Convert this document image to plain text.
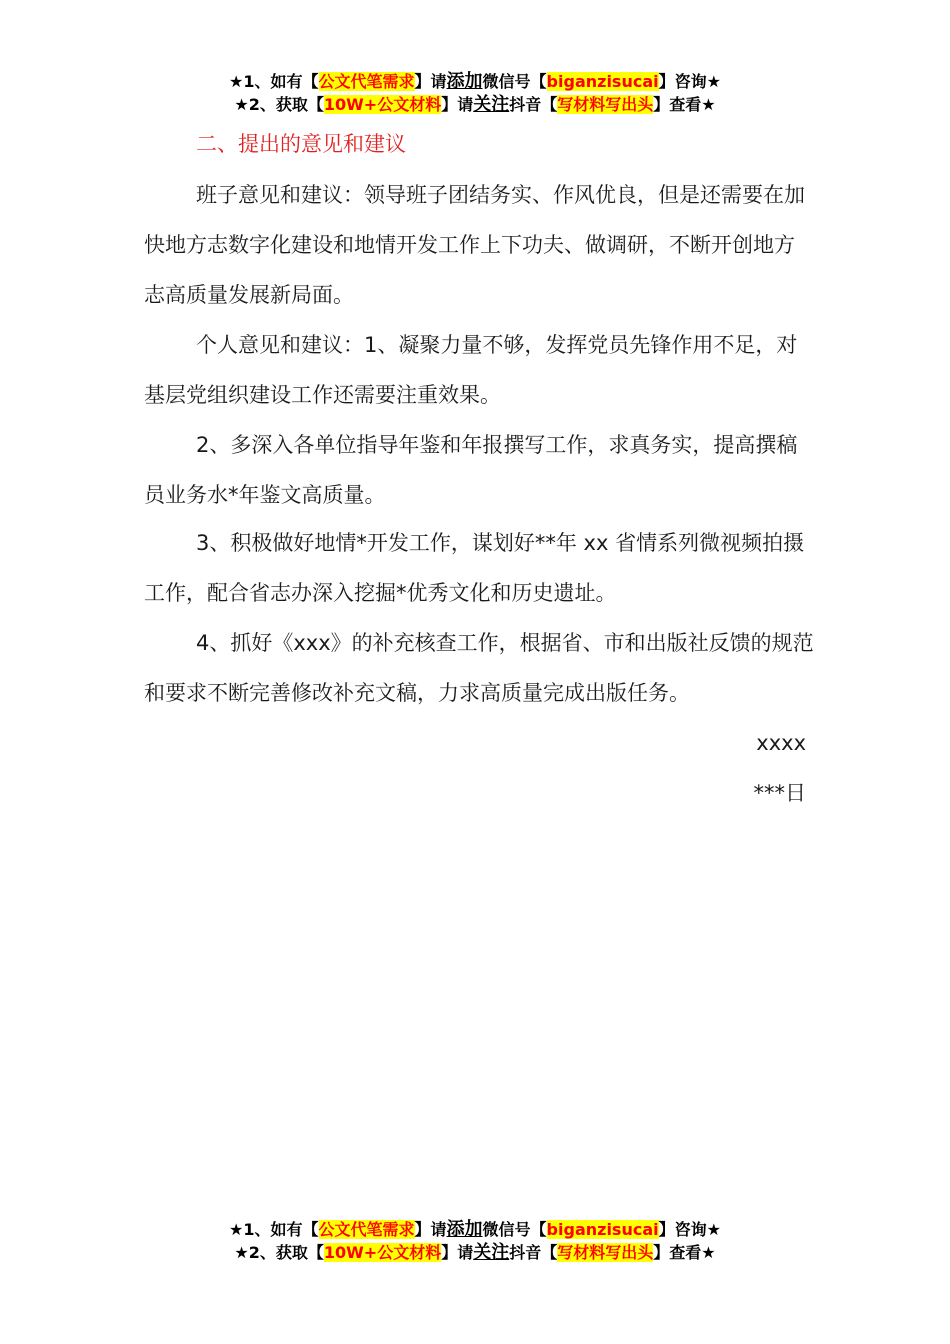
★1、如有【公文代笔需求】请添加微信号【biganzisucai】咨询★
★2、获取【10W+公文材料】请关注抖音【写材料写出头】查看★
二、提出的意见和建议

班子意见和建议：领导班子团结务实、作风优良，但是还需要在加快地方志数字化建设和地情开发工作上下功夫、做调研，不断开创地方志高质量发展新局面。

个人意见和建议：1、凝聚力量不够，发挥党员先锋作用不足，对基层党组织建设工作还需要注重效果。

2、多深入各单位指导年鉴和年报撰写工作，求真务实，提高撰稿员业务水*年鉴文高质量。

3、积极做好地情*开发工作，谋划好**年 xx 省情系列微视频拍摄工作，配合省志办深入挖掘*优秀文化和历史遗址。

4、抓好《xxx》的补充核查工作，根据省、市和出版社反馈的规范和要求不断完善修改补充文稿，力求高质量完成出版任务。

xxxx
***日
★1、如有【公文代笔需求】请添加微信号【biganzisucai】咨询★
★2、获取【10W+公文材料】请关注抖音【写材料写出头】查看★
